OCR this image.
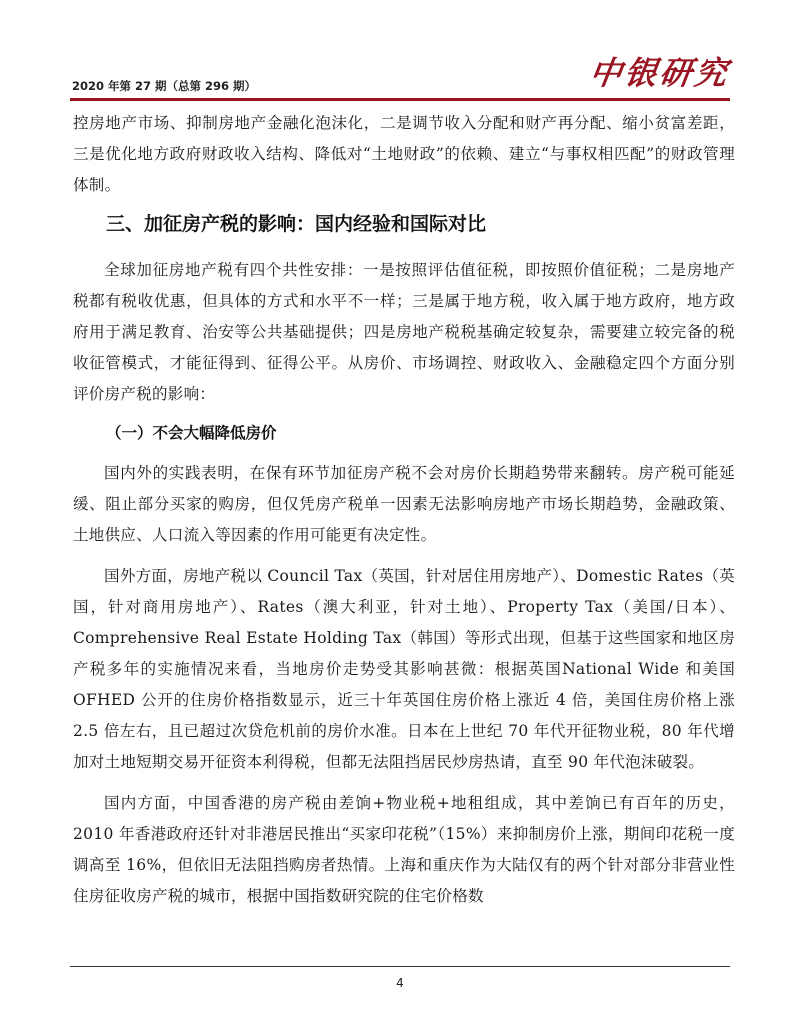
2020 年第 27 期（总第 296 期）	中银研究

控房地产市场、抑制房地产金融化泡沫化，二是调节收入分配和财产再分配、缩小贫富差距，三是优化地方政府财政收入结构、降低对“土地财政”的依赖、建立“与事权相匹配”的财政管理体制。

三、加征房产税的影响：国内经验和国际对比

全球加征房地产税有四个共性安排：一是按照评估值征税，即按照价值征税；二是房地产税都有税收优惠，但具体的方式和水平不一样；三是属于地方税，收入属于地方政府，地方政府用于满足教育、治安等公共基础提供；四是房地产税税基确定较复杂，需要建立较完备的税收征管模式，才能征得到、征得公平。从房价、市场调控、财政收入、金融稳定四个方面分别评价房产税的影响：

（一）不会大幅降低房价

国内外的实践表明，在保有环节加征房产税不会对房价长期趋势带来翻转。房产税可能延缓、阻止部分买家的购房，但仅凭房产税单一因素无法影响房地产市场长期趋势，金融政策、土地供应、人口流入等因素的作用可能更有决定性。

国外方面，房地产税以 Council Tax（英国，针对居住用房地产）、Domestic Rates（英国，针对商用房地产）、Rates（澳大利亚，针对土地）、Property Tax（美国/日本）、Comprehensive Real Estate Holding Tax（韩国）等形式出现，但基于这些国家和地区房产税多年的实施情况来看，当地房价走势受其影响甚微：根据英国National Wide 和美国 OFHED 公开的住房价格指数显示，近三十年英国住房价格上涨近 4 倍，美国住房价格上涨 2.5 倍左右，且已超过次贷危机前的房价水准。日本在上世纪 70 年代开征物业税，80 年代增加对土地短期交易开征资本利得税，但都无法阻挡居民炒房热请，直至 90 年代泡沫破裂。

国内方面，中国香港的房产税由差饷+物业税+地租组成，其中差饷已有百年的历史，2010 年香港政府还针对非港居民推出“买家印花税”（15%）来抑制房价上涨，期间印花税一度调高至 16%，但依旧无法阻挡购房者热情。上海和重庆作为大陆仅有的两个针对部分非营业性住房征收房产税的城市，根据中国指数研究院的住宅价格数

4
